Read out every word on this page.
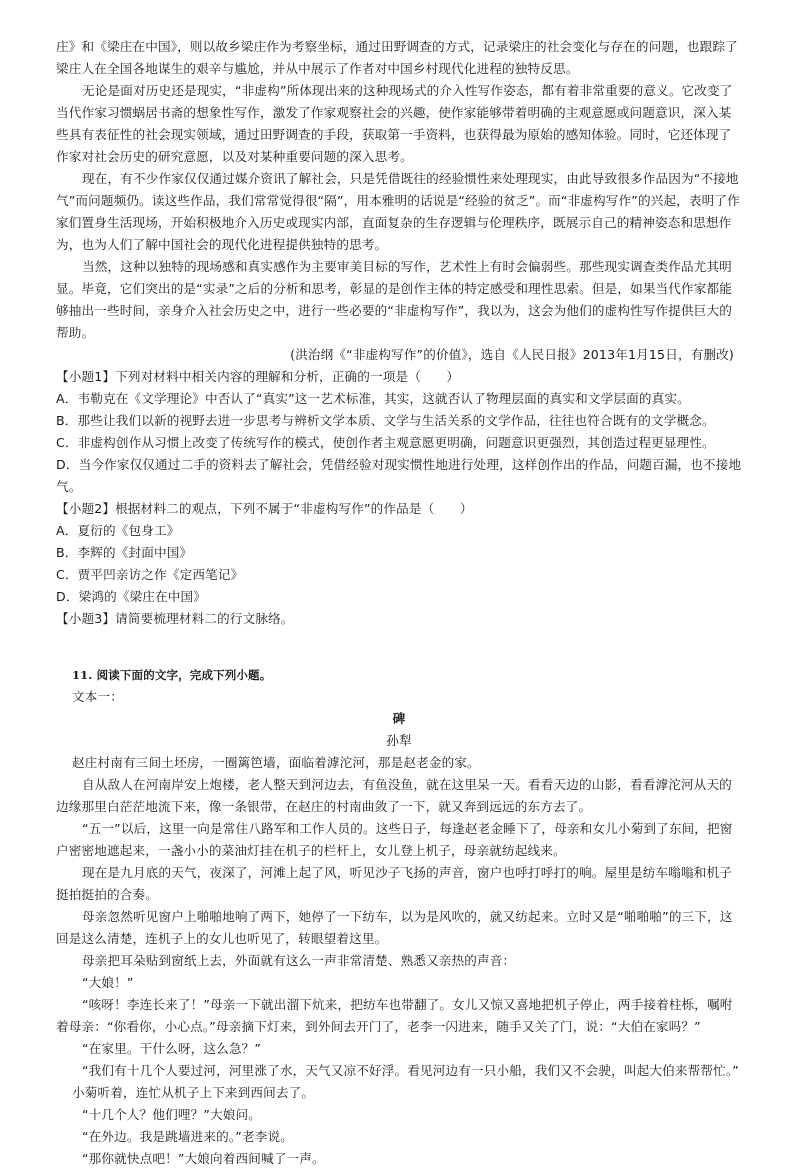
庄》和《梁庄在中国》，则以故乡梁庄作为考察坐标，通过田野调查的方式，记录梁庄的社会变化与存在的问题，也跟踪了梁庄人在全国各地谋生的艰辛与尴尬，并从中展示了作者对中国乡村现代化进程的独特反思。

无论是面对历史还是现实，“非虚构”所体现出来的这种现场式的介入性写作姿态，都有着非常重要的意义。它改变了当代作家习惯蜗居书斋的想象性写作，激发了作家观察社会的兴趣，使作家能够带着明确的主观意愿或问题意识，深入某些具有表征性的社会现实领域，通过田野调查的手段，获取第一手资料，也获得最为原始的感知体验。同时，它还体现了作家对社会历史的研究意愿，以及对某种重要问题的深入思考。

现在，有不少作家仅仅通过媒介资讯了解社会，只是凭借既往的经验惯性来处理现实，由此导致很多作品因为“不接地气”而问题频仍。读这些作品，我们常常觉得很“隔”，用本雅明的话说是“经验的贫乏”。而“非虚构写作”的兴起，表明了作家们置身生活现场，开始积极地介入历史或现实内部，直面复杂的生存逻辑与伦理秩序，既展示自己的精神姿态和思想作为，也为人们了解中国社会的现代化进程提供独特的思考。

当然，这种以独特的现场感和真实感作为主要审美目标的写作，艺术性上有时会偏弱些。那些现实调查类作品尤其明显。毕竟，它们突出的是“实录”之后的分析和思考，彰显的是创作主体的特定感受和理性思索。但是，如果当代作家都能够抽出一些时间，亲身介入社会历史之中，进行一些必要的“非虚构写作”，我以为，这会为他们的虚构性写作提供巨大的帮助。

(洪治纲《“非虚构写作”的价值》，选自《人民日报》2013年1月15日，有删改)

【小题1】下列对材料中相关内容的理解和分析，正确的一项是（　　）

A．韦勒克在《文学理论》中否认了“真实”这一艺术标准，其实，这就否认了物理层面的真实和文学层面的真实。

B．那些让我们以新的视野去进一步思考与辨析文学本质、文学与生活关系的文学作品，往往也符合既有的文学概念。

C．非虚构创作从习惯上改变了传统写作的模式，使创作者主观意愿更明确，问题意识更强烈，其创造过程更显理性。

D．当今作家仅仅通过二手的资料去了解社会，凭借经验对现实惯性地进行处理，这样创作出的作品，问题百漏，也不接地气。

【小题2】根据材料二的观点，下列不属于“非虚构写作”的作品是（　　）

A．夏衍的《包身工》

B．李辉的《封面中国》

C．贾平凹亲访之作《定西笔记》

D．梁鸿的《梁庄在中国》

【小题3】请简要梳理材料二的行文脉络。

11. 阅读下面的文字，完成下列小题。

文本一：

碑

孙犁

赵庄村南有三间土坯房，一圈篱笆墙，面临着滹沱河，那是赵老金的家。

自从敌人在河南岸安上炮楼，老人整天到河边去，有鱼没鱼，就在这里呆一天。看看天边的山影，看看滹沱河从天的边缘那里白茫茫地流下来，像一条银带，在赵庄的村南曲敛了一下，就又奔到远远的东方去了。

“五一”以后，这里一向是常住八路军和工作人员的。这些日子，每逢赵老金睡下了，母亲和女儿小菊到了东间，把窗户密密地遮起来，一盏小小的菜油灯挂在机子的栏杆上，女儿登上机子，母亲就纺起线来。

现在是九月底的天气，夜深了，河滩上起了风，听见沙子飞扬的声音，窗户也呼打呼打的响。屋里是纺车嗡嗡和机子挺拍挺拍的合奏。

母亲忽然听见窗户上啪啪地响了两下，她停了一下纺车，以为是风吹的，就又纺起来。立时又是“啪啪啪”的三下，这回是这么清楚，连机子上的女儿也听见了，转眼望着这里。

母亲把耳朵贴到窗纸上去，外面就有这么一声非常清楚、熟悉又亲热的声音：

“大娘！”

“咳呀！李连长来了！”母亲一下就出溜下炕来，把纺车也带翻了。女儿又惊又喜地把机子停止，两手接着柱栎，嘱咐着母亲：“你看你，小心点。”母亲摘下灯来，到外间去开门了，老李一闪进来，随手又关了门，说：“大伯在家吗？”

“在家里。干什么呀，这么急？”

“我们有十几个人要过河，河里涨了水，天气又凉不好浮。看见河边有一只小船，我们又不会驶，叫起大伯来帮帮忙。”

小菊听着，连忙从机子上下来到西间去了。

“十几个人？他们哩？”大娘问。

“在外边。我是跳墙进来的。”老李说。

“那你就快点吧！”大娘向着西间喊了一声。
